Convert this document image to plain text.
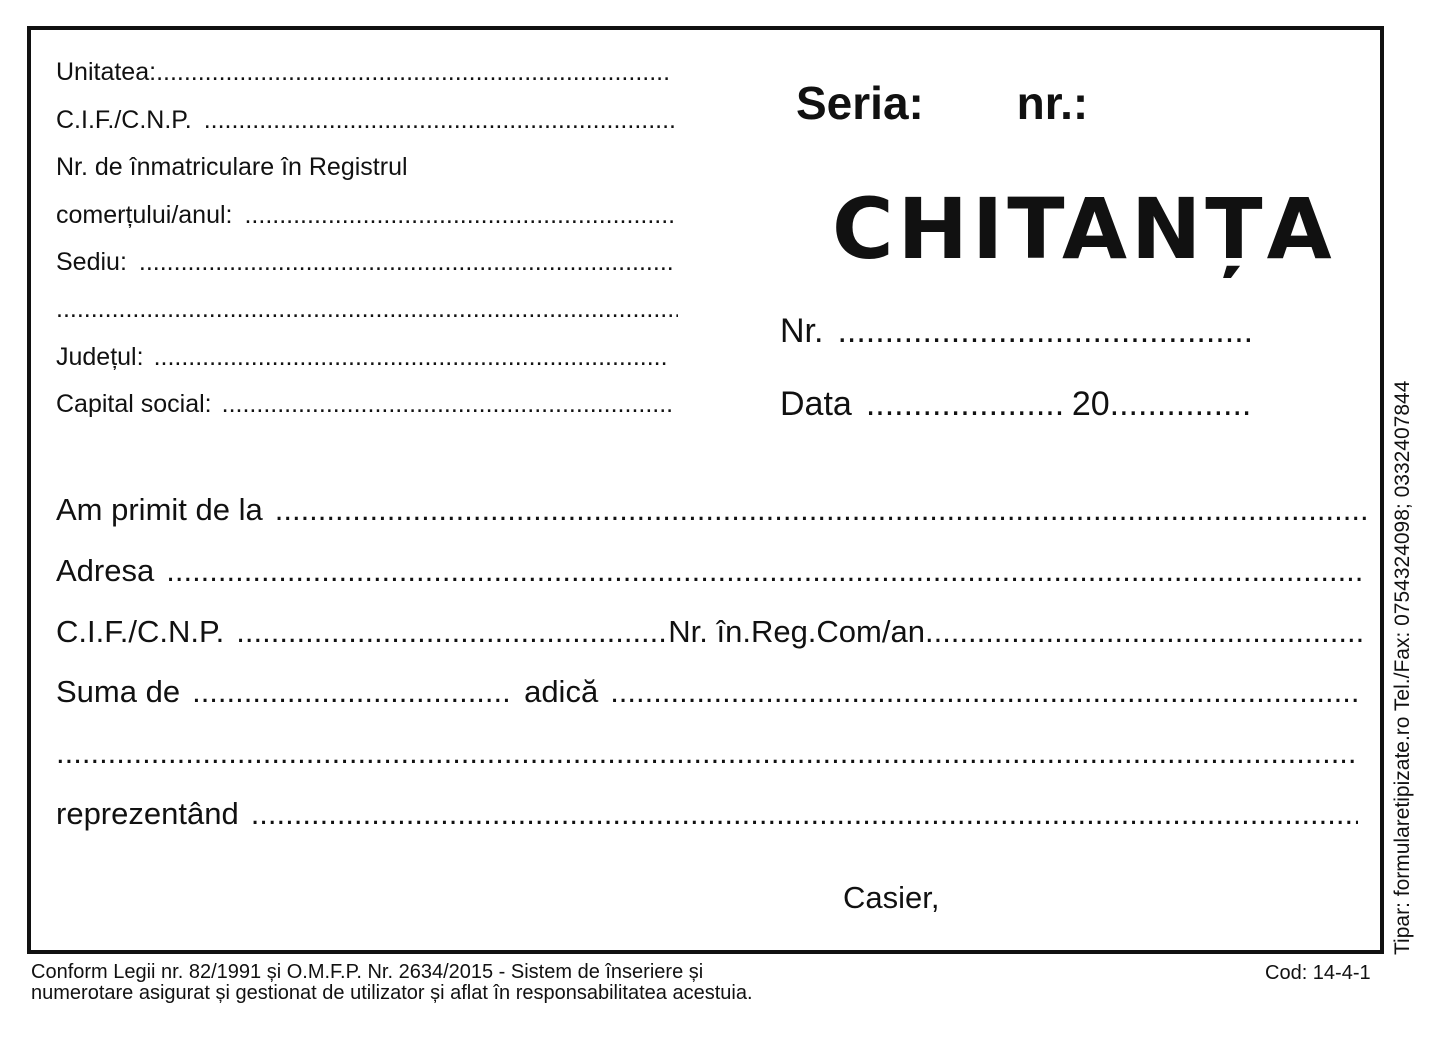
Unitatea:
.....
C.I.F./C.N.P.
.....
Nr. de înmatriculare în Registrul
comerțului/anul:
.....
Sediu:
.....
.....
Județul:
.....
Capital social:
.....
Seria: nr.:
CHITANȚA
Nr.
.....
Data .....	20
.....
Am primit de la
.....
Adresa
.....
C.I.F./C.N.P. .....	Nr. în.Reg.Com/an
.....
Suma de .....	adică
.....
.....
reprezentând
.....
Casier,
Conform Legii nr. 82/1991 și O.M.F.P. Nr. 2634/2015 - Sistem de înseriere și
numerotare asigurat și gestionat de utilizator și aflat în responsabilitatea acestuia.
Cod: 14-4-1
Tipar: formularetipizate.ro Tel./Fax: 0754324098; 0332407844
